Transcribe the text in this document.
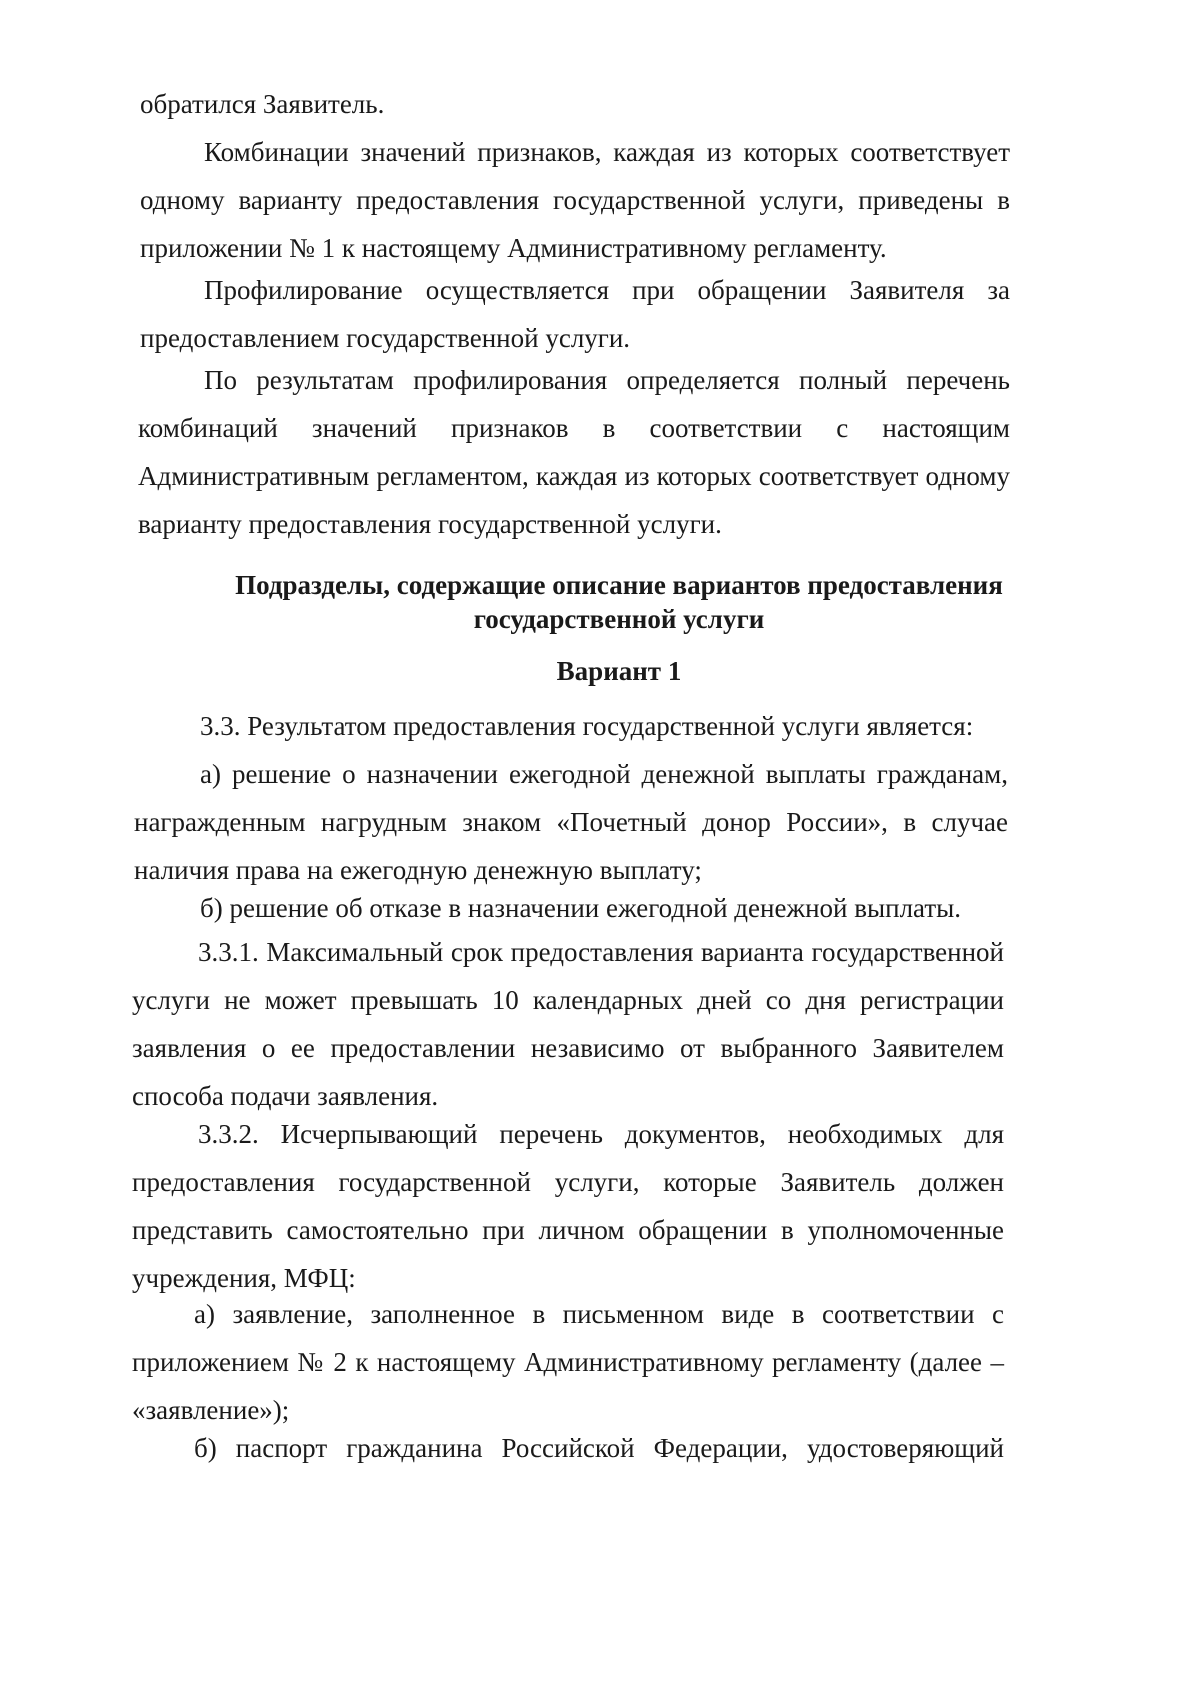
обратился Заявитель.

Комбинации значений признаков, каждая из которых соответствует одному варианту предоставления государственной услуги, приведены в приложении № 1 к настоящему Административному регламенту.

Профилирование осуществляется при обращении Заявителя за предоставлением государственной услуги.

По результатам профилирования определяется полный перечень комбинаций значений признаков в соответствии с настоящим Административным регламентом, каждая из которых соответствует одному варианту предоставления государственной услуги.

Подразделы, содержащие описание вариантов предоставления
государственной услуги
Вариант 1

3.3. Результатом предоставления государственной услуги является:

а) решение о назначении ежегодной денежной выплаты гражданам, награжденным нагрудным знаком «Почетный донор России», в случае наличия права на ежегодную денежную выплату;

б) решение об отказе в назначении ежегодной денежной выплаты.

3.3.1. Максимальный срок предоставления варианта государственной услуги не может превышать 10 календарных дней со дня регистрации заявления о ее предоставлении независимо от выбранного Заявителем способа подачи заявления.

3.3.2. Исчерпывающий перечень документов, необходимых для предоставления государственной услуги, которые Заявитель должен представить самостоятельно при личном обращении в уполномоченные учреждения, МФЦ:

а) заявление, заполненное в письменном виде в соответствии с приложением № 2 к настоящему Административному регламенту (далее – «заявление»);

б) паспорт гражданина Российской Федерации, удостоверяющий
